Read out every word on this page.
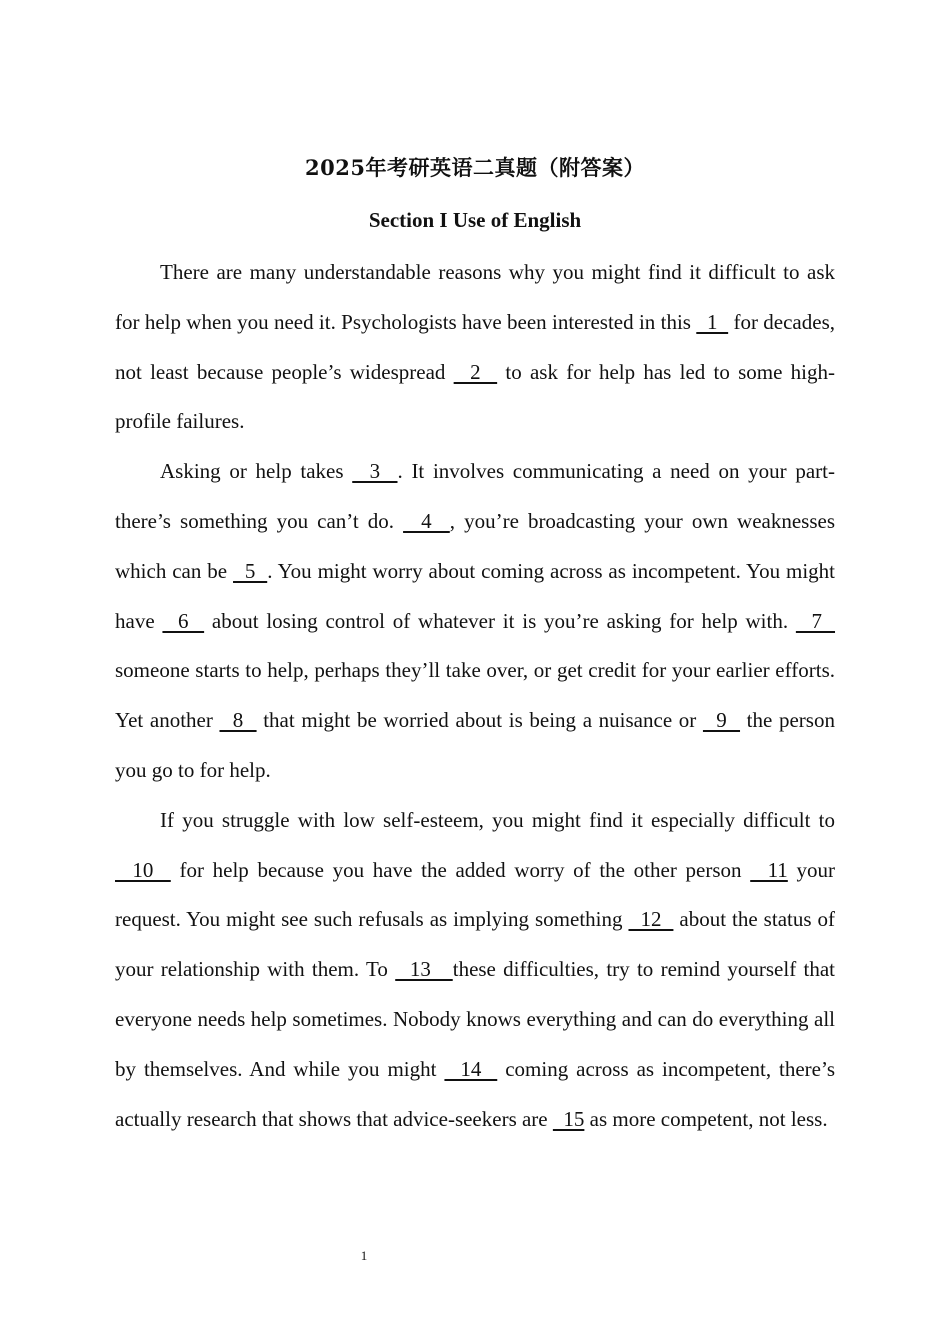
2025年考研英语二真题（附答案）
Section I Use of English

There are many understandable reasons why you might find it difficult to ask for help when you need it. Psychologists have been interested in this   1   for decades, not least because people’s widespread   2   to ask for help has led to some high-profile failures.

Asking or help takes   3  . It involves communicating a need on your part-there’s something you can’t do.   4  , you’re broadcasting your own weaknesses which can be   5  . You might worry about coming across as incompetent. You might have   6   about losing control of whatever it is you’re asking for help with.   7   someone starts to help, perhaps they’ll take over, or get credit for your earlier efforts. Yet another   8   that might be worried about is being a nuisance or   9   the person you go to for help.

If you struggle with low self-esteem, you might find it especially difficult to   10   for help because you have the added worry of the other person   11 your request. You might see such refusals as implying something   12   about the status of your relationship with them. To   13   these difficulties, try to remind yourself that everyone needs help sometimes. Nobody knows everything and can do everything all by themselves. And while you might   14   coming across as incompetent, there’s actually research that shows that advice-seekers are   15 as more competent, not less.

1
